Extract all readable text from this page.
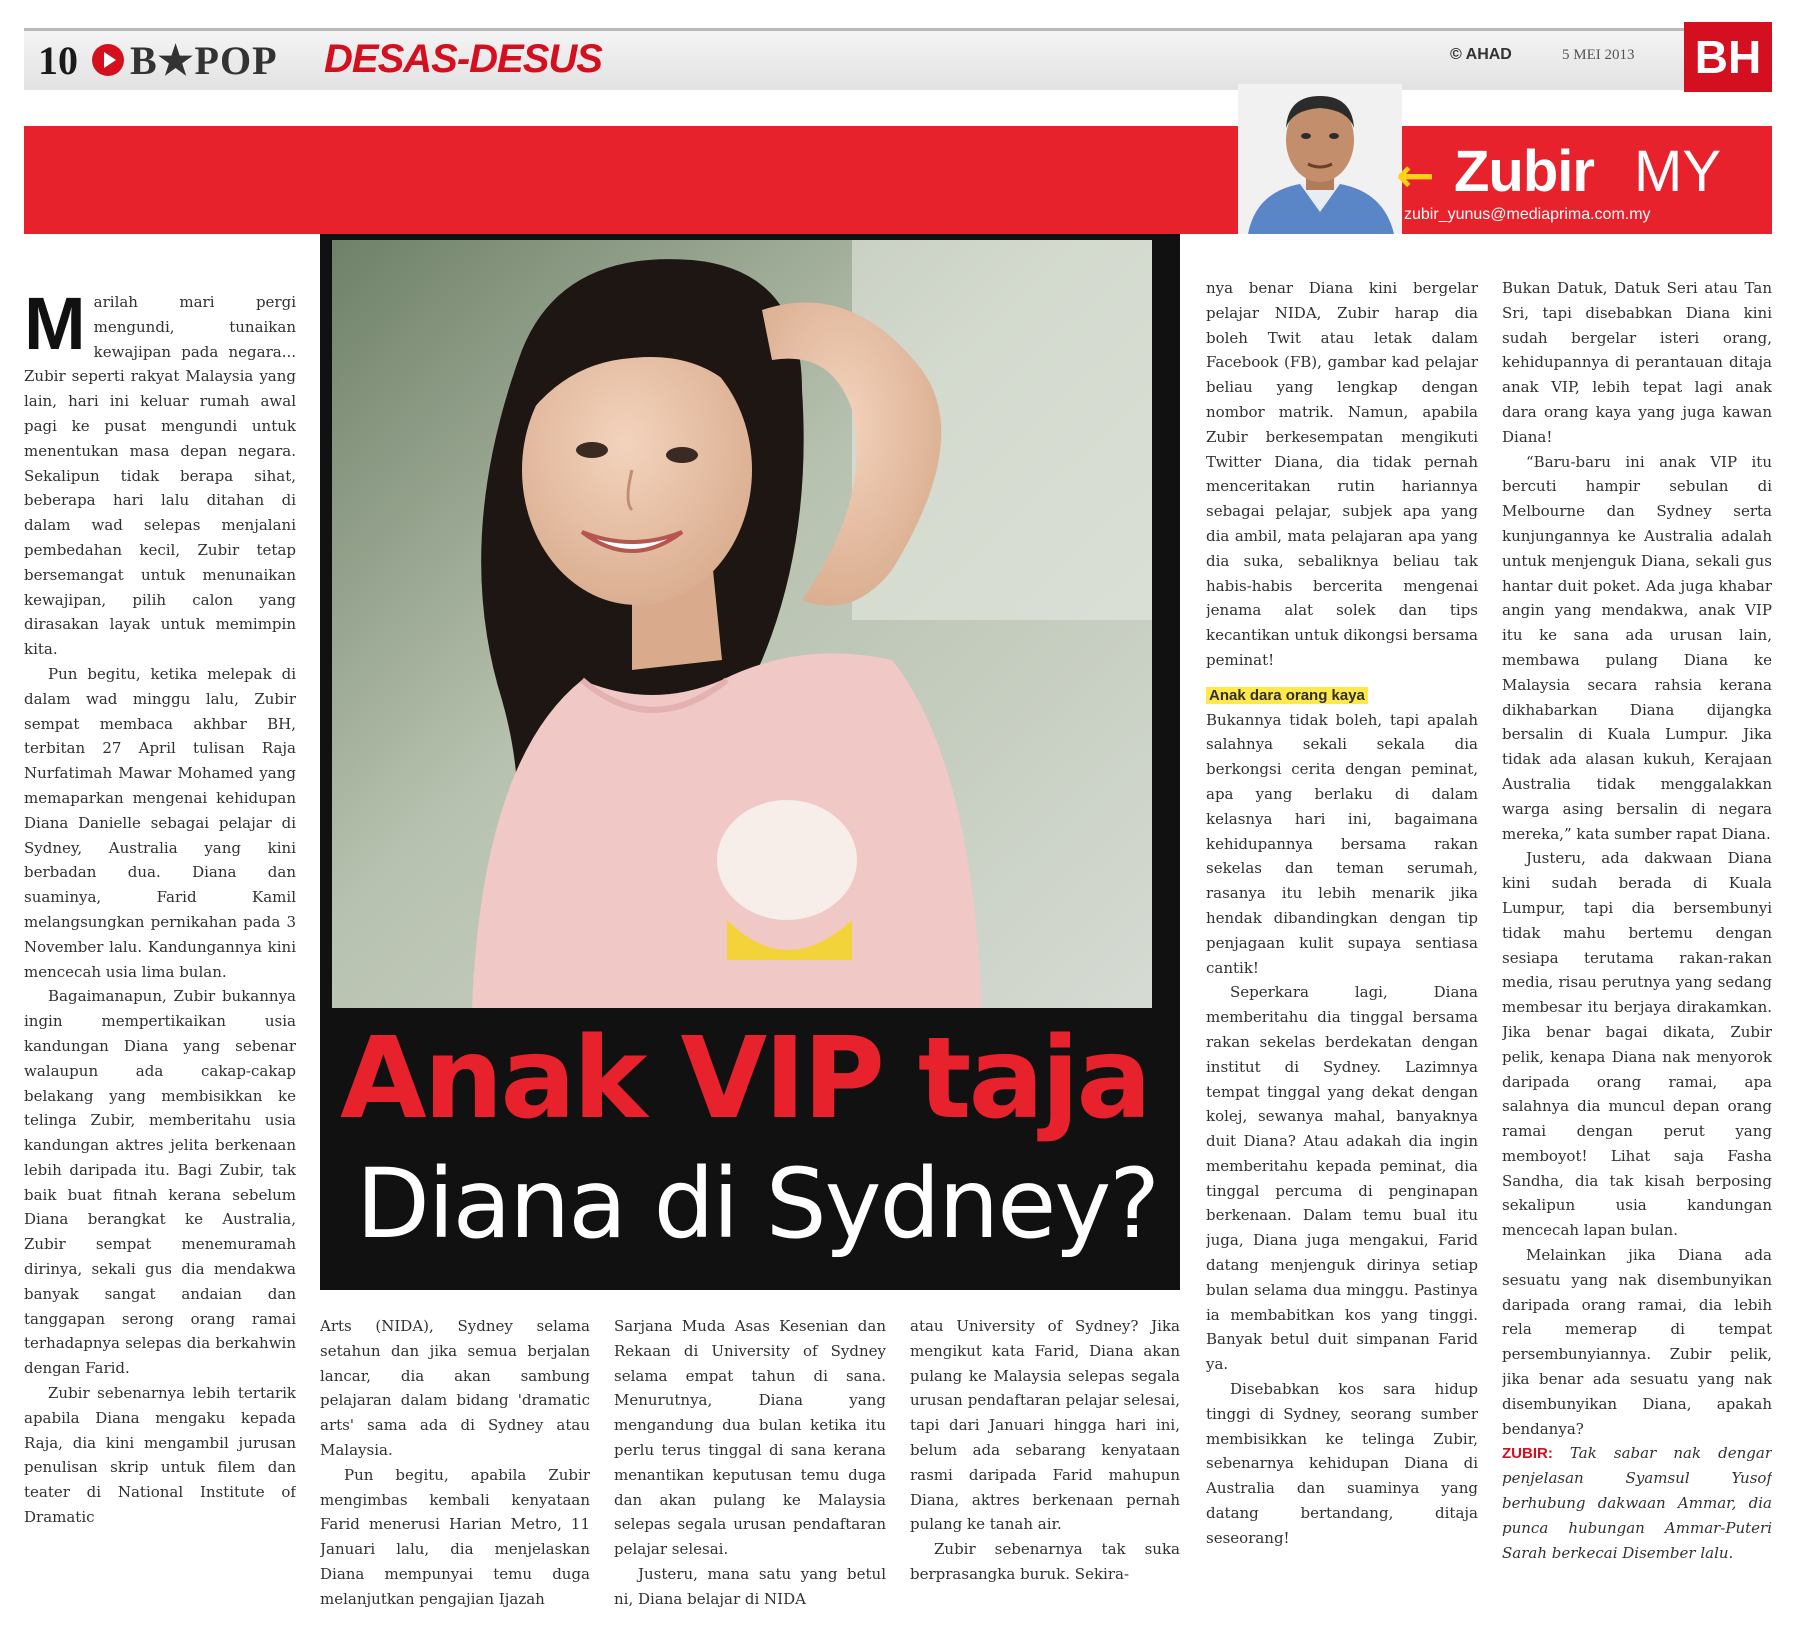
10 B★POP DESAS-DESUS	© AHAD	5 MEI 2013 BH
← Zubir MY
zubir_yunus@mediaprima.com.my
Anak VIP taja
Diana di Sydney?
M arilah mari pergi mengundi, tunaikan kewajipan pada negara... Zubir seperti rakyat Malaysia yang lain, hari ini keluar rumah awal pagi ke pusat mengundi untuk menentukan masa depan negara. Sekalipun tidak berapa sihat, beberapa hari lalu ditahan di dalam wad selepas menjalani pembedahan kecil, Zubir tetap bersemangat untuk menunaikan kewajipan, pilih calon yang dirasakan layak untuk memimpin kita.

Pun begitu, ketika melepak di dalam wad minggu lalu, Zubir sempat membaca akhbar BH, terbitan 27 April tulisan Raja Nurfatimah Mawar Mohamed yang memaparkan mengenai kehidupan Diana Danielle sebagai pelajar di Sydney, Australia yang kini berbadan dua. Diana dan suaminya, Farid Kamil melangsungkan pernikahan pada 3 November lalu. Kandungannya kini mencecah usia lima bulan.

Bagaimanapun, Zubir bukannya ingin mempertikaikan usia kandungan Diana yang sebenar walaupun ada cakap-cakap belakang yang membisikkan ke telinga Zubir, memberitahu usia kandungan aktres jelita berkenaan lebih daripada itu. Bagi Zubir, tak baik buat fitnah kerana sebelum Diana berangkat ke Australia, Zubir sempat menemuramah dirinya, sekali gus dia mendakwa banyak sangat andaian dan tanggapan serong orang ramai terhadapnya selepas dia berkahwin dengan Farid.

Zubir sebenarnya lebih tertarik apabila Diana mengaku kepada Raja, dia kini mengambil jurusan penulisan skrip untuk filem dan teater di National Institute of Dramatic

Arts (NIDA), Sydney selama setahun dan jika semua berjalan lancar, dia akan sambung pelajaran dalam bidang 'dramatic arts' sama ada di Sydney atau Malaysia.

Pun begitu, apabila Zubir mengimbas kembali kenyataan Farid menerusi Harian Metro, 11 Januari lalu, dia menjelaskan Diana mempunyai temu duga melanjutkan pengajian Ijazah

Sarjana Muda Asas Kesenian dan Rekaan di University of Sydney selama empat tahun di sana. Menurutnya, Diana yang mengandung dua bulan ketika itu perlu terus tinggal di sana kerana menantikan keputusan temu duga dan akan pulang ke Malaysia selepas segala urusan pendaftaran pelajar selesai.

Justeru, mana satu yang betul ni, Diana belajar di NIDA

atau University of Sydney? Jika mengikut kata Farid, Diana akan pulang ke Malaysia selepas segala urusan pendaftaran pelajar selesai, tapi dari Januari hingga hari ini, belum ada sebarang kenyataan rasmi daripada Farid mahupun Diana, aktres berkenaan pernah pulang ke tanah air.

Zubir sebenarnya tak suka berprasangka buruk. Sekira-

nya benar Diana kini bergelar pelajar NIDA, Zubir harap dia boleh Twit atau letak dalam Facebook (FB), gambar kad pelajar beliau yang lengkap dengan nombor matrik. Namun, apabila Zubir berkesempatan mengikuti Twitter Diana, dia tidak pernah menceritakan rutin hariannya sebagai pelajar, subjek apa yang dia ambil, mata pelajaran apa yang dia suka, sebaliknya beliau tak habis-habis bercerita mengenai jenama alat solek dan tips kecantikan untuk dikongsi bersama peminat!

Anak dara orang kaya

Bukannya tidak boleh, tapi apalah salahnya sekali sekala dia berkongsi cerita dengan peminat, apa yang berlaku di dalam kelasnya hari ini, bagaimana kehidupannya bersama rakan sekelas dan teman serumah, rasanya itu lebih menarik jika hendak dibandingkan dengan tip penjagaan kulit supaya sentiasa cantik!

Seperkara lagi, Diana memberitahu dia tinggal bersama rakan sekelas berdekatan dengan institut di Sydney. Lazimnya tempat tinggal yang dekat dengan kolej, sewanya mahal, banyaknya duit Diana? Atau adakah dia ingin memberitahu kepada peminat, dia tinggal percuma di penginapan berkenaan. Dalam temu bual itu juga, Diana juga mengakui, Farid datang menjenguk dirinya setiap bulan selama dua minggu. Pastinya ia membabitkan kos yang tinggi. Banyak betul duit simpanan Farid ya.

Disebabkan kos sara hidup tinggi di Sydney, seorang sumber membisikkan ke telinga Zubir, sebenarnya kehidupan Diana di Australia dan suaminya yang datang bertandang, ditaja seseorang!

Bukan Datuk, Datuk Seri atau Tan Sri, tapi disebabkan Diana kini sudah bergelar isteri orang, kehidupannya di perantauan ditaja anak VIP, lebih tepat lagi anak dara orang kaya yang juga kawan Diana!

“Baru-baru ini anak VIP itu bercuti hampir sebulan di Melbourne dan Sydney serta kunjungannya ke Australia adalah untuk menjenguk Diana, sekali gus hantar duit poket. Ada juga khabar angin yang mendakwa, anak VIP itu ke sana ada urusan lain, membawa pulang Diana ke Malaysia secara rahsia kerana dikhabarkan Diana dijangka bersalin di Kuala Lumpur. Jika tidak ada alasan kukuh, Kerajaan Australia tidak menggalakkan warga asing bersalin di negara mereka,” kata sumber rapat Diana.

Justeru, ada dakwaan Diana kini sudah berada di Kuala Lumpur, tapi dia bersembunyi tidak mahu bertemu dengan sesiapa terutama rakan-rakan media, risau perutnya yang sedang membesar itu berjaya dirakamkan. Jika benar bagai dikata, Zubir pelik, kenapa Diana nak menyorok daripada orang ramai, apa salahnya dia muncul depan orang ramai dengan perut yang memboyot! Lihat saja Fasha Sandha, dia tak kisah berposing sekalipun usia kandungan mencecah lapan bulan.

Melainkan jika Diana ada sesuatu yang nak disembunyikan daripada orang ramai, dia lebih rela memerap di tempat persembunyiannya. Zubir pelik, jika benar ada sesuatu yang nak disembunyikan Diana, apakah bendanya?

ZUBIR: Tak sabar nak dengar penjelasan Syamsul Yusof berhubung dakwaan Ammar, dia punca hubungan Ammar-Puteri Sarah berkecai Disember lalu.
